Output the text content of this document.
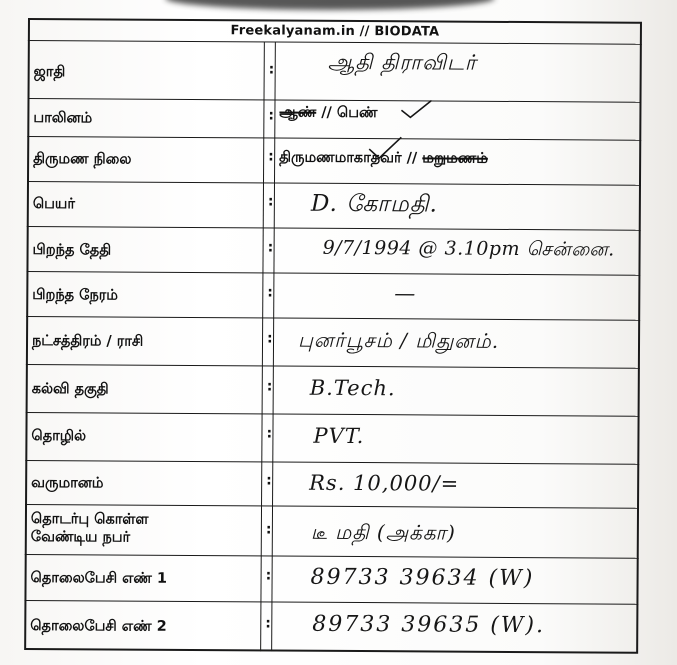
Freekalyanam.in
//
BIODATA
ஜாதி	:	ஆதி திராவிடர்
பாலினம்	: ஆண் // பெண்
திருமண நிலை	: திருமணமாகாதவர் // மறுமணம்
பெயர்	: D. கோமதி.
பிறந்த தேதி	:	9/7/1994 @ 3.10pm சென்னை.
பிறந்த நேரம்	:	—
நட்சத்திரம் / ராசி	: புனர்பூசம் / மிதுனம்.
கல்வி தகுதி	: B.Tech.
தொழில்	: PVT.
வருமானம்	: Rs. 10,000/=
தொடர்பு கொள்ள
வேண்டிய நபர்	: டீ மதி (அக்கா)
தொலைபேசி எண் 1	: 89733 39634 (W)
தொலைபேசி எண் 2	: 89733 39635 (W).
